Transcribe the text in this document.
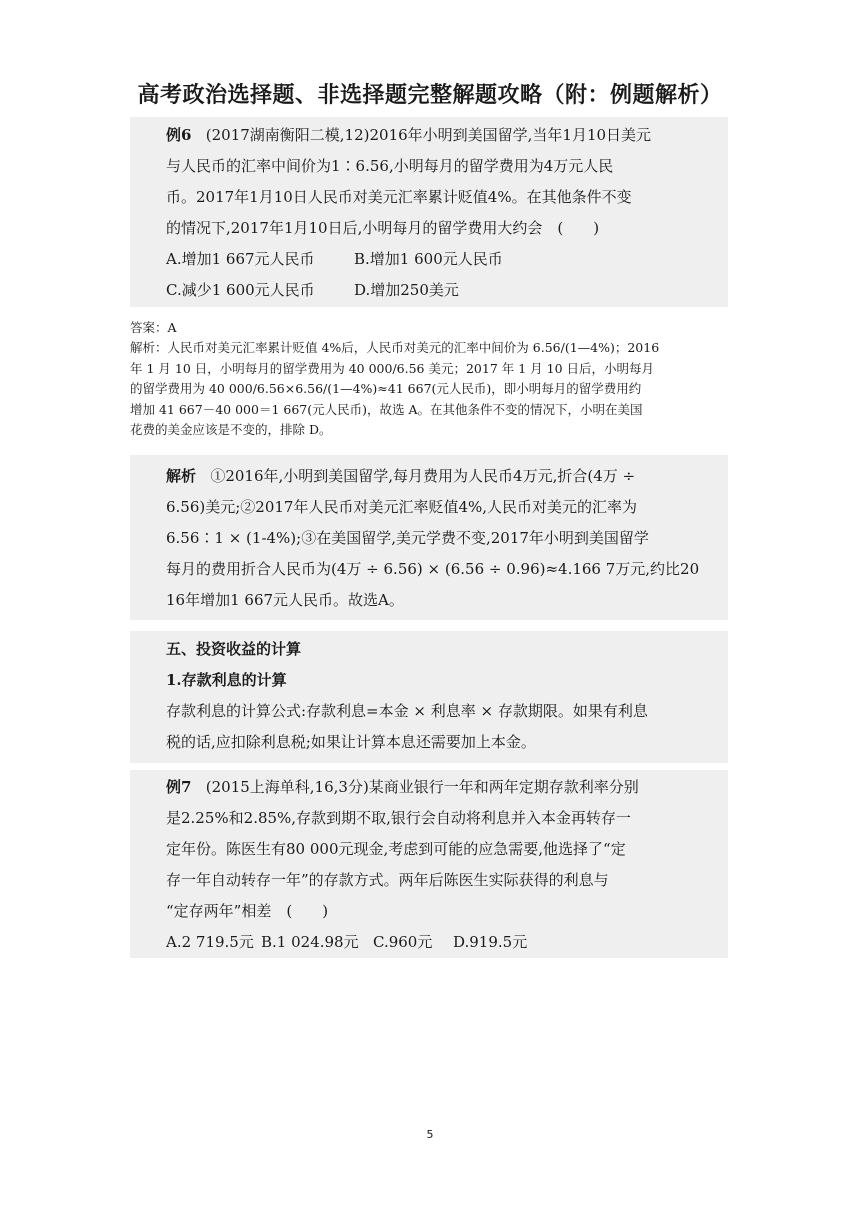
高考政治选择题、非选择题完整解题攻略（附：例题解析）
例6 (2017湖南衡阳二模,12)2016年小明到美国留学,当年1月10日美元
与人民币的汇率中间价为1∶6.56,小明每月的留学费用为4万元人民
币。2017年1月10日人民币对美元汇率累计贬值4%。在其他条件不变
的情况下,2017年1月10日后,小明每月的留学费用大约会　(　　)
A.增加1 667元人民币	B.增加1 600元人民币
C.减少1 600元人民币	D.增加250美元
答案：A
解析：人民币对美元汇率累计贬值 4%后，人民币对美元的汇率中间价为 6.56/(1—4%)；2016
年 1 月 10 日，小明每月的留学费用为 40 000/6.56 美元；2017 年 1 月 10 日后，小明每月
的留学费用为 40 000/6.56×6.56/(1—4%)≈41 667(元人民币)，即小明每月的留学费用约
增加 41 667－40 000＝1 667(元人民币)，故选 A。在其他条件不变的情况下，小明在美国
花费的美金应该是不变的，排除 D。
解析 ①2016年,小明到美国留学,每月费用为人民币4万元,折合(4万 ÷
6.56)美元;②2017年人民币对美元汇率贬值4%,人民币对美元的汇率为
6.56∶1 × (1-4%);③在美国留学,美元学费不变,2017年小明到美国留学
每月的费用折合人民币为(4万 ÷ 6.56) × (6.56 ÷ 0.96)≈4.166 7万元,约比20
16年增加1 667元人民币。故选A。
五、投资收益的计算
1.存款利息的计算
存款利息的计算公式:存款利息=本金 × 利息率 × 存款期限。如果有利息
税的话,应扣除利息税;如果让计算本息还需要加上本金。
例7 (2015上海单科,16,3分)某商业银行一年和两年定期存款利率分别
是2.25%和2.85%,存款到期不取,银行会自动将利息并入本金再转存一
定年份。陈医生有80 000元现金,考虑到可能的应急需要,他选择了“定
存一年自动转存一年”的存款方式。两年后陈医生实际获得的利息与
“定存两年”相差　(　　)
A.2 719.5元 B.1 024.98元 C.960元 D.919.5元
5
